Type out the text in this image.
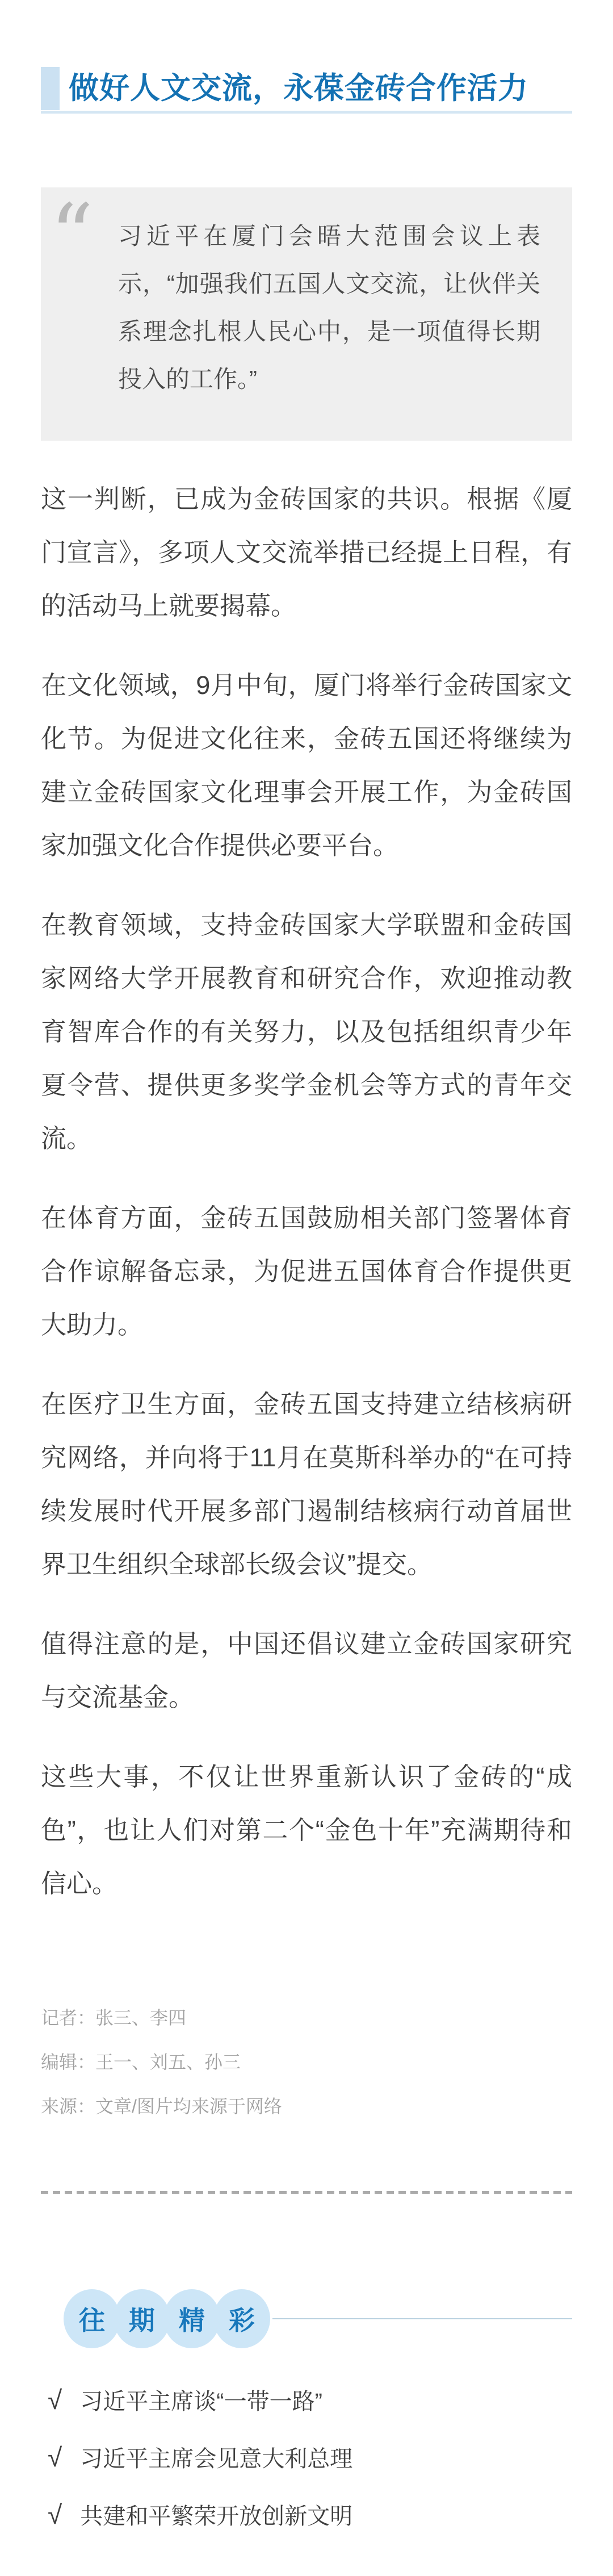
做好人文交流，永葆金砖合作活力
“ 习近平在厦门会晤大范围会议上表示，“加强我们五国人文交流，让伙伴关系理念扎根人民心中，是一项值得长期投入的工作。”

这一判断，已成为金砖国家的共识。根据《厦门宣言》，多项人文交流举措已经提上日程，有的活动马上就要揭幕。

在文化领域，9月中旬，厦门将举行金砖国家文化节。为促进文化往来，金砖五国还将继续为建立金砖国家文化理事会开展工作，为金砖国家加强文化合作提供必要平台。

在教育领域，支持金砖国家大学联盟和金砖国家网络大学开展教育和研究合作，欢迎推动教育智库合作的有关努力，以及包括组织青少年夏令营、提供更多奖学金机会等方式的青年交流。

在体育方面，金砖五国鼓励相关部门签署体育合作谅解备忘录，为促进五国体育合作提供更大助力。

在医疗卫生方面，金砖五国支持建立结核病研究网络，并向将于11月在莫斯科举办的“在可持续发展时代开展多部门遏制结核病行动首届世界卫生组织全球部长级会议”提交。

值得注意的是，中国还倡议建立金砖国家研究与交流基金。

这些大事，不仅让世界重新认识了金砖的“成色”，也让人们对第二个“金色十年”充满期待和信心。

记者：张三、李四

编辑：王一、刘五、孙三

来源：文章/图片均来源于网络

往 期 精 彩
√ 习近平主席谈“一带一路”
√ 习近平主席会见意大利总理
√ 共建和平繁荣开放创新文明
